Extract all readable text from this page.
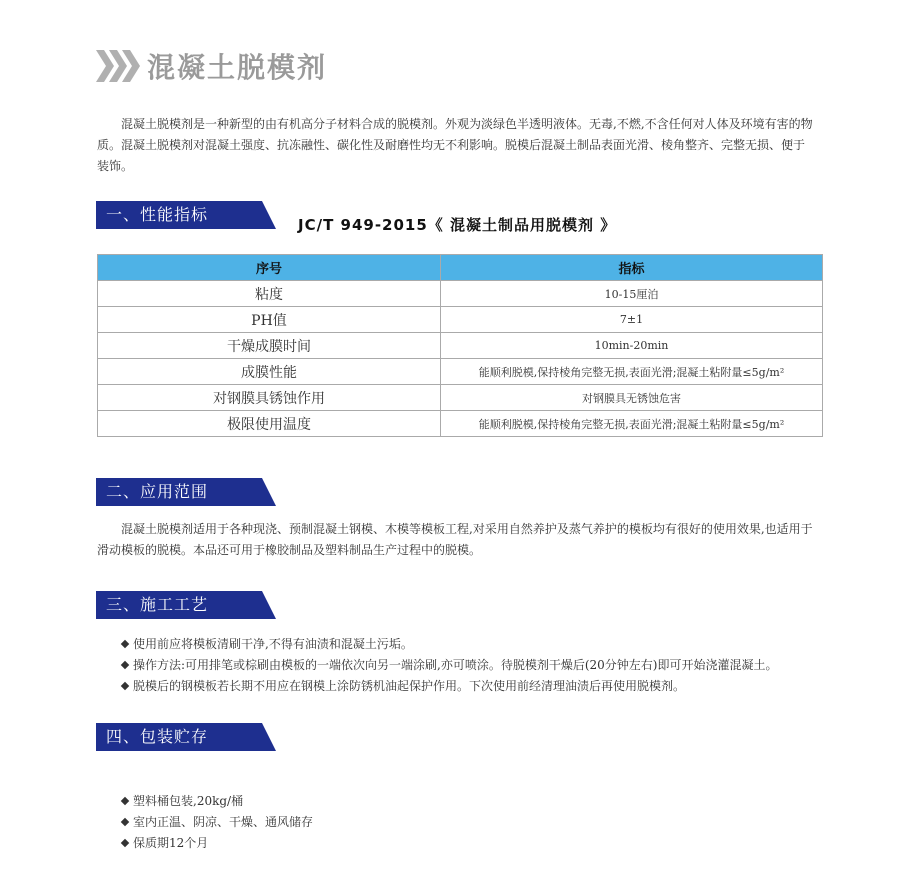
混凝土脱模剂

混凝土脱模剂是一种新型的由有机高分子材料合成的脱模剂。外观为淡绿色半透明液体。无毒,不燃,不含任何对人体及环境有害的物质。混凝土脱模剂对混凝土强度、抗冻融性、碳化性及耐磨性均无不利影响。脱模后混凝土制品表面光滑、棱角整齐、完整无损、便于装饰。

一、性能指标
JC/T 949-2015《 混凝土制品用脱模剂 》
序号	指标
粘度	10-15厘泊
PH值	7±1
干燥成膜时间	10min-20min
成膜性能	能顺利脱模,保持棱角完整无损,表面光滑;混凝土粘附量≤5g/m²
对钢膜具锈蚀作用	对钢膜具无锈蚀危害
极限使用温度	能顺利脱模,保持棱角完整无损,表面光滑;混凝土粘附量≤5g/m²
二、应用范围

混凝土脱模剂适用于各种现浇、预制混凝土钢模、木模等模板工程,对采用自然养护及蒸气养护的模板均有很好的使用效果,也适用于滑动模板的脱模。本品还可用于橡胶制品及塑料制品生产过程中的脱模。

三、施工工艺
使用前应将模板清刷干净,不得有油渍和混凝土污垢。
操作方法:可用排笔或棕刷由模板的一端依次向另一端涂刷,亦可喷涂。待脱模剂干燥后(20分钟左右)即可开始浇灌混凝土。
脱模后的钢模板若长期不用应在钢模上涂防锈机油起保护作用。下次使用前经清理油渍后再使用脱模剂。
四、包装贮存
塑料桶包装,20kg/桶
室内正温、阴凉、干燥、通风储存
保质期12个月
